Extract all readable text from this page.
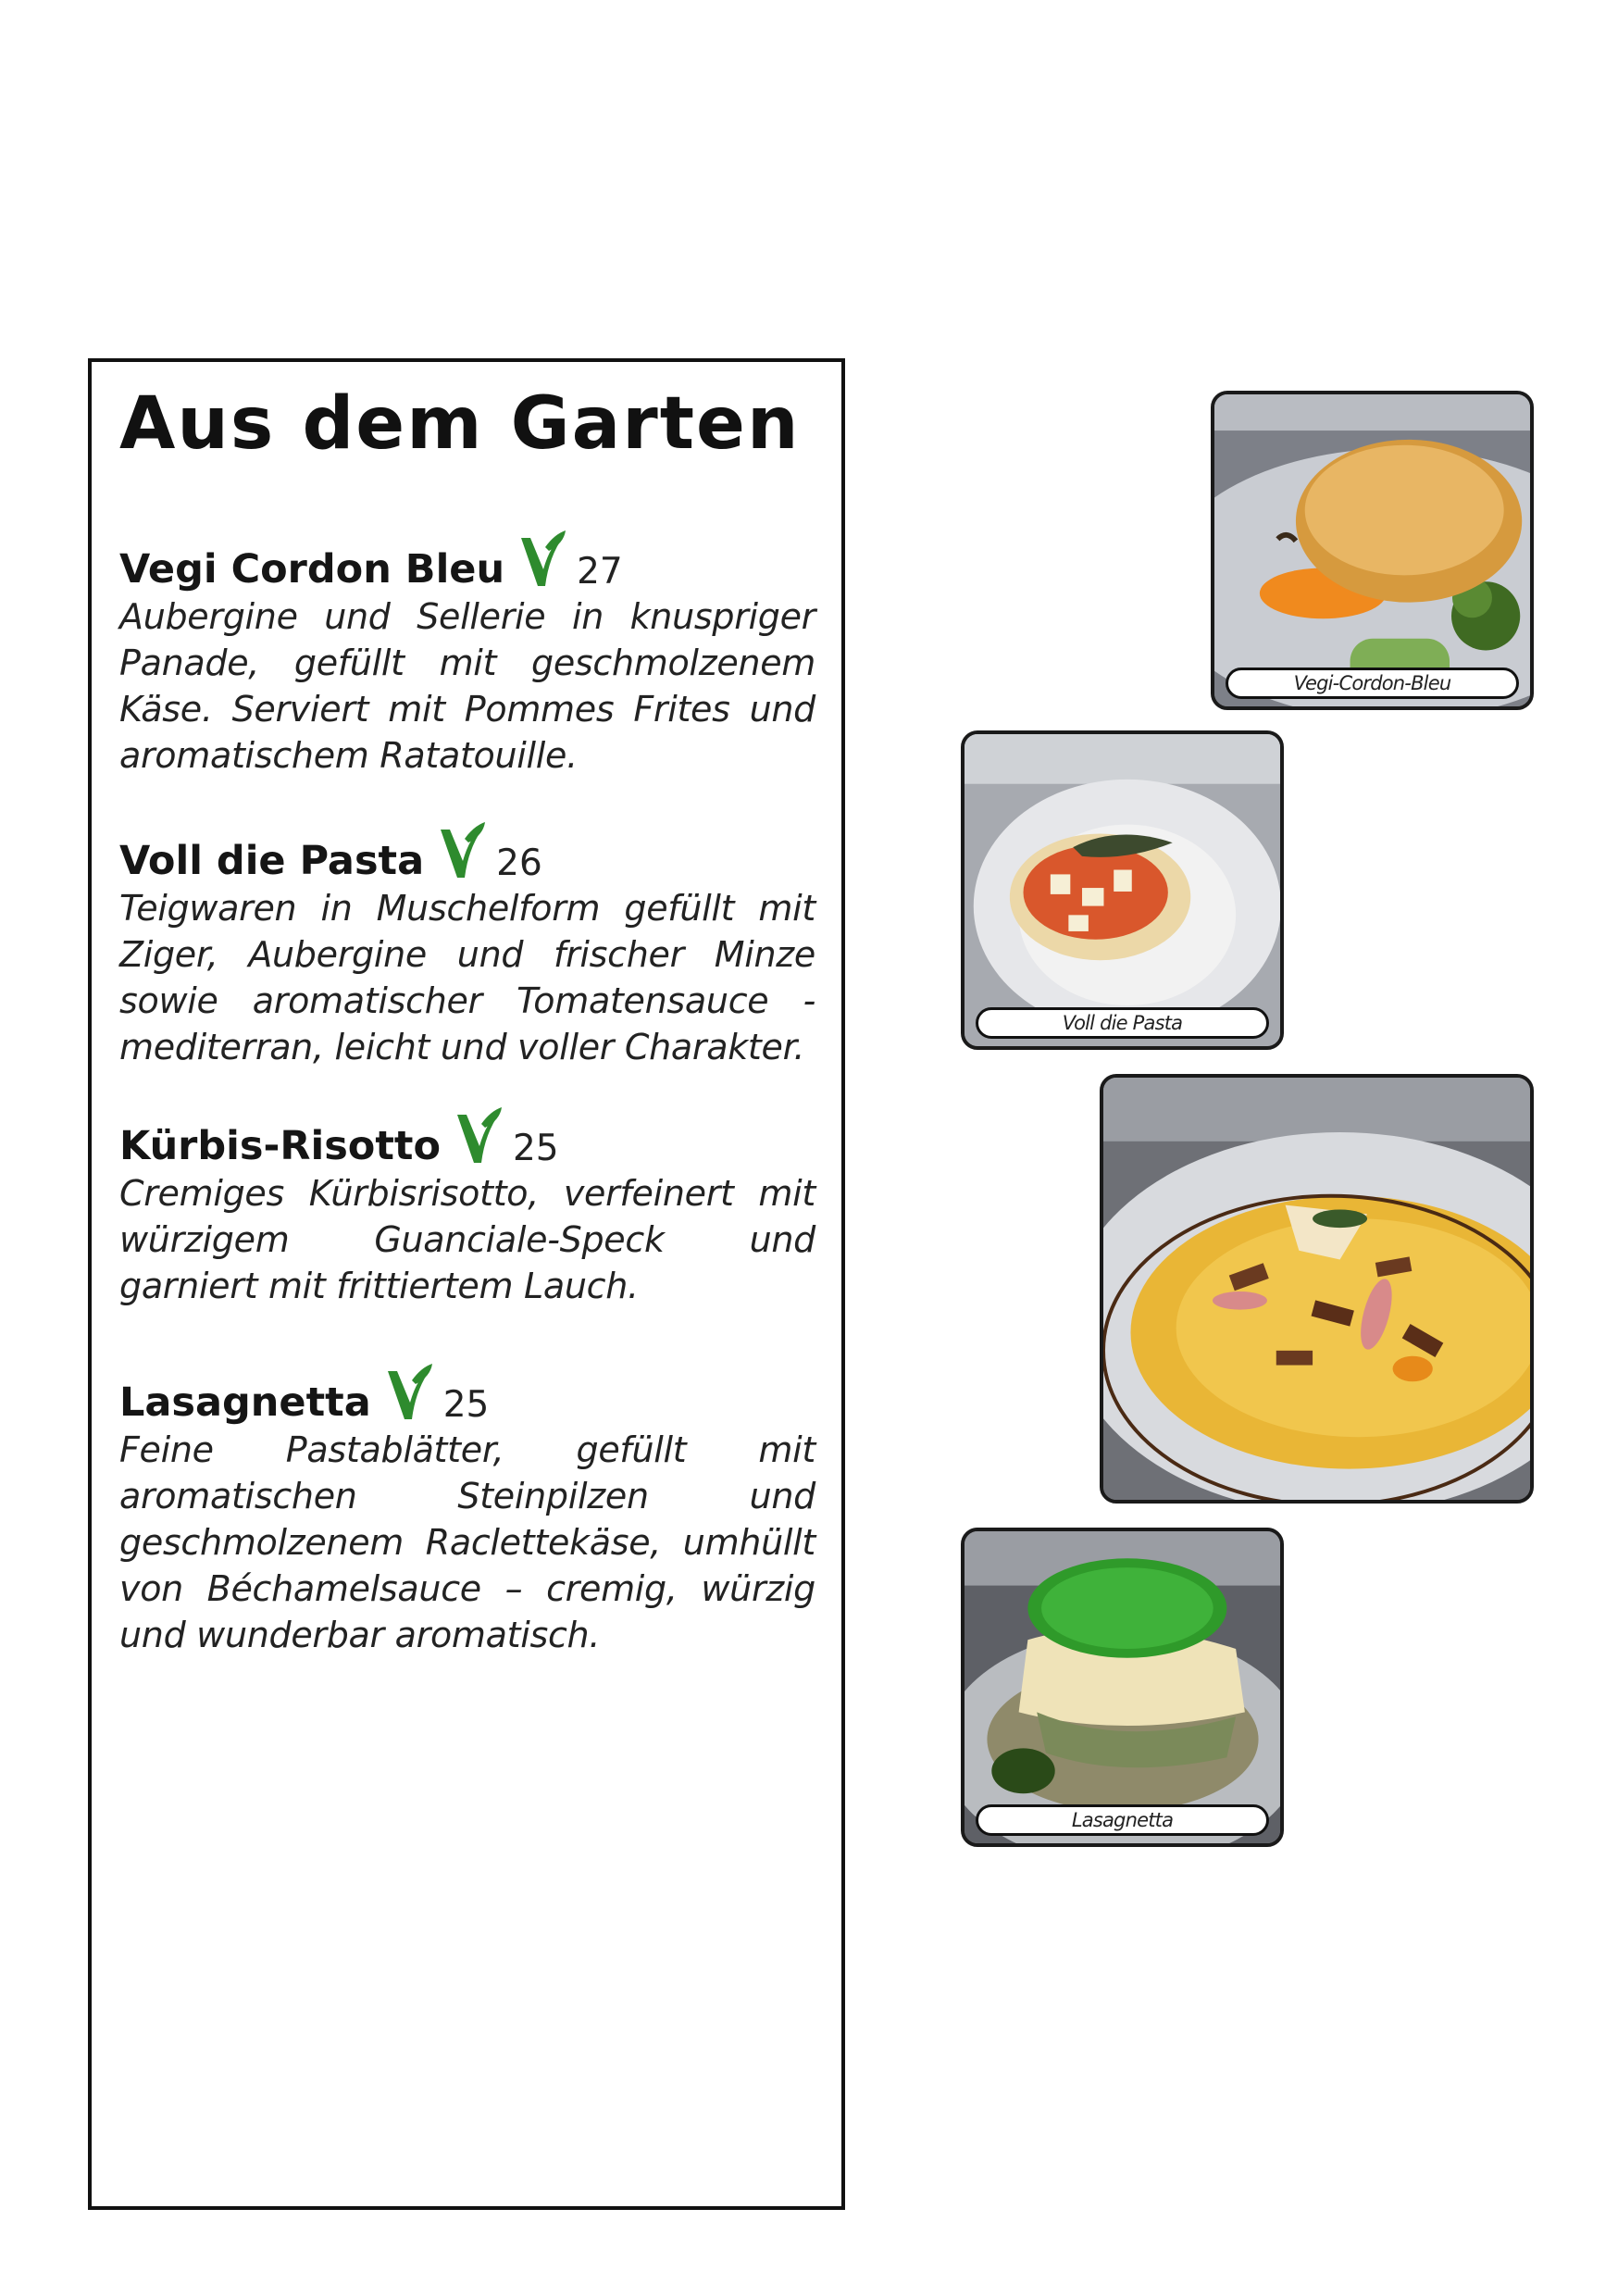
Aus dem Garten
Vegi Cordon Bleu 27

Aubergine und Sellerie in knuspriger Panade, gefüllt mit geschmolzenem Käse. Serviert mit Pommes Frites und aromatischem Ratatouille.

Voll die Pasta 26

Teigwaren in Muschelform gefüllt mit Ziger, Aubergine und frischer Minze sowie aromatischer Tomatensauce - mediterran, leicht und voller Charakter.

Kürbis-Risotto 25

Cremiges Kürbisrisotto, verfeinert mit würzigem Guanciale-Speck und garniert mit frittiertem Lauch.

Lasagnetta 25

Feine Pastablätter, gefüllt mit aromatischen Steinpilzen und geschmolzenem Raclettekäse, umhüllt von Béchamelsauce – cremig, würzig und wunderbar aromatisch.

Vegi-Cordon-Bleu
Voll die Pasta
Lasagnetta
